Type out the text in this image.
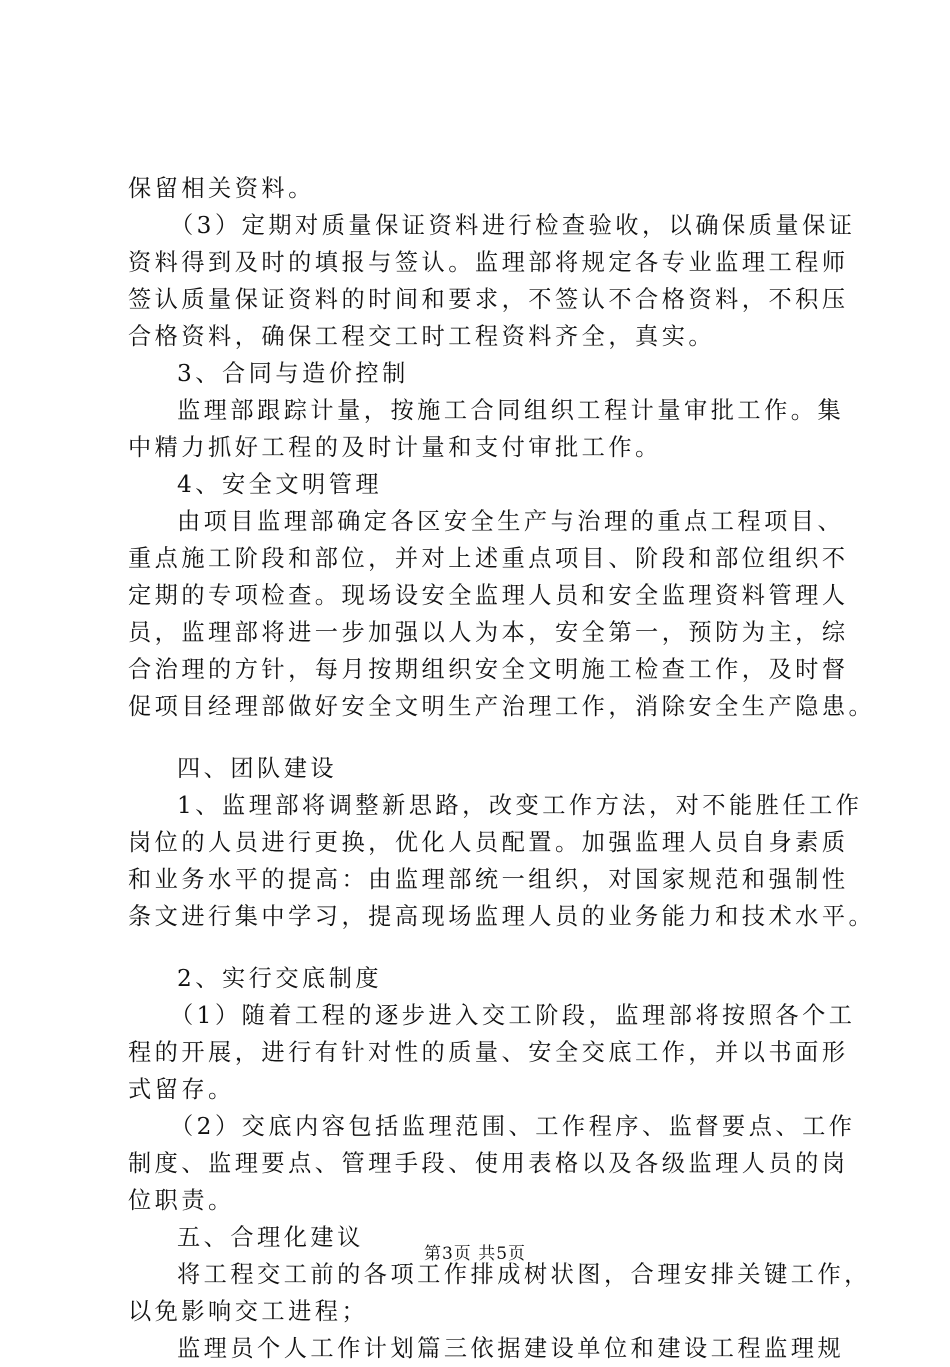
保留相关资料。
（3）定期对质量保证资料进行检查验收，以确保质量保证
资料得到及时的填报与签认。监理部将规定各专业监理工程师
签认质量保证资料的时间和要求，不签认不合格资料，不积压
合格资料，确保工程交工时工程资料齐全，真实。
3、合同与造价控制
监理部跟踪计量，按施工合同组织工程计量审批工作。集
中精力抓好工程的及时计量和支付审批工作。
4、安全文明管理
由项目监理部确定各区安全生产与治理的重点工程项目、
重点施工阶段和部位，并对上述重点项目、阶段和部位组织不
定期的专项检查。现场设安全监理人员和安全监理资料管理人
员，监理部将进一步加强以人为本，安全第一，预防为主，综
合治理的方针，每月按期组织安全文明施工检查工作，及时督
促项目经理部做好安全文明生产治理工作，消除安全生产隐患。
四、团队建设
1、监理部将调整新思路，改变工作方法，对不能胜任工作
岗位的人员进行更换，优化人员配置。加强监理人员自身素质
和业务水平的提高：由监理部统一组织，对国家规范和强制性
条文进行集中学习，提高现场监理人员的业务能力和技术水平。
2、实行交底制度
（1）随着工程的逐步进入交工阶段，监理部将按照各个工
程的开展，进行有针对性的质量、安全交底工作，并以书面形
式留存。
（2）交底内容包括监理范围、工作程序、监督要点、工作
制度、监理要点、管理手段、使用表格以及各级监理人员的岗
位职责。
五、合理化建议
将工程交工前的各项工作排成树状图，合理安排关键工作，
以免影响交工进程；
监理员个人工作计划篇三依据建设单位和建设工程监理规
第3页 共5页
